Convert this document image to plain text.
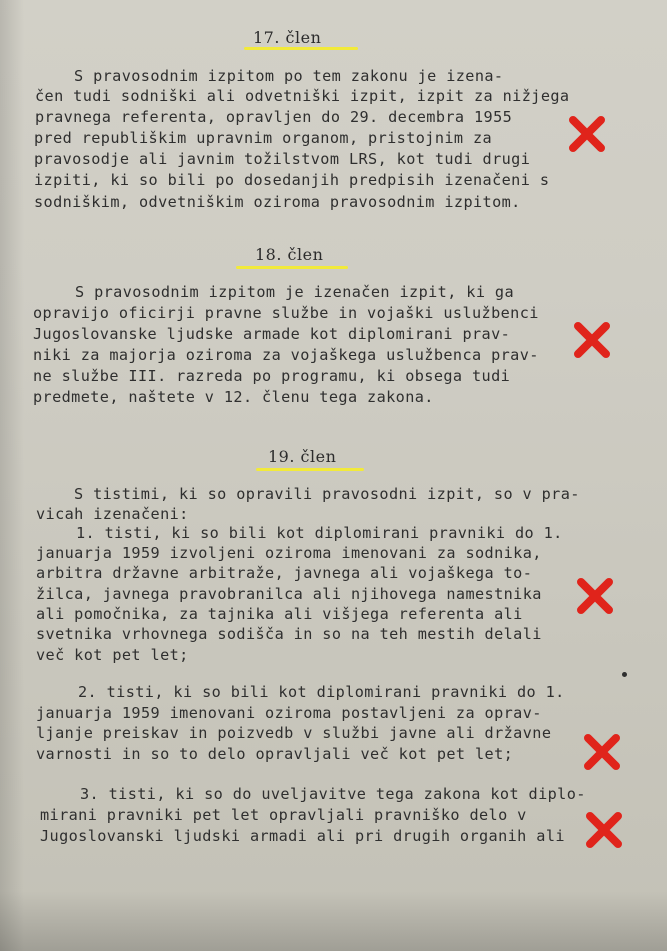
17. člen
S pravosodnim izpitom po tem zakonu je izena-
čen tudi sodniški ali odvetniški izpit, izpit za nižjega
pravnega referenta, opravljen do 29. decembra 1955
pred republiškim upravnim organom, pristojnim za
pravosodje ali javnim tožilstvom LRS, kot tudi drugi
izpiti, ki so bili po dosedanjih predpisih izenačeni s
sodniškim, odvetniškim oziroma pravosodnim izpitom.
18. člen
S pravosodnim izpitom je izenačen izpit, ki ga
opravijo oficirji pravne službe in vojaški uslužbenci
Jugoslovanske ljudske armade kot diplomirani prav-
niki za majorja oziroma za vojaškega uslužbenca prav-
ne službe III. razreda po programu, ki obsega tudi
predmete, naštete v 12. členu tega zakona.
19. člen
S tistimi, ki so opravili pravosodni izpit, so v pra-
vicah izenačeni:
1. tisti, ki so bili kot diplomirani pravniki do 1.
januarja 1959 izvoljeni oziroma imenovani za sodnika,
arbitra državne arbitraže, javnega ali vojaškega to-
žilca, javnega pravobranilca ali njihovega namestnika
ali pomočnika, za tajnika ali višjega referenta ali
svetnika vrhovnega sodišča in so na teh mestih delali
več kot pet let;
2. tisti, ki so bili kot diplomirani pravniki do 1.
januarja 1959 imenovani oziroma postavljeni za oprav-
ljanje preiskav in poizvedb v službi javne ali državne
varnosti in so to delo opravljali več kot pet let;
3. tisti, ki so do uveljavitve tega zakona kot diplo-
mirani pravniki pet let opravljali pravniško delo v
Jugoslovanski ljudski armadi ali pri drugih organih ali
